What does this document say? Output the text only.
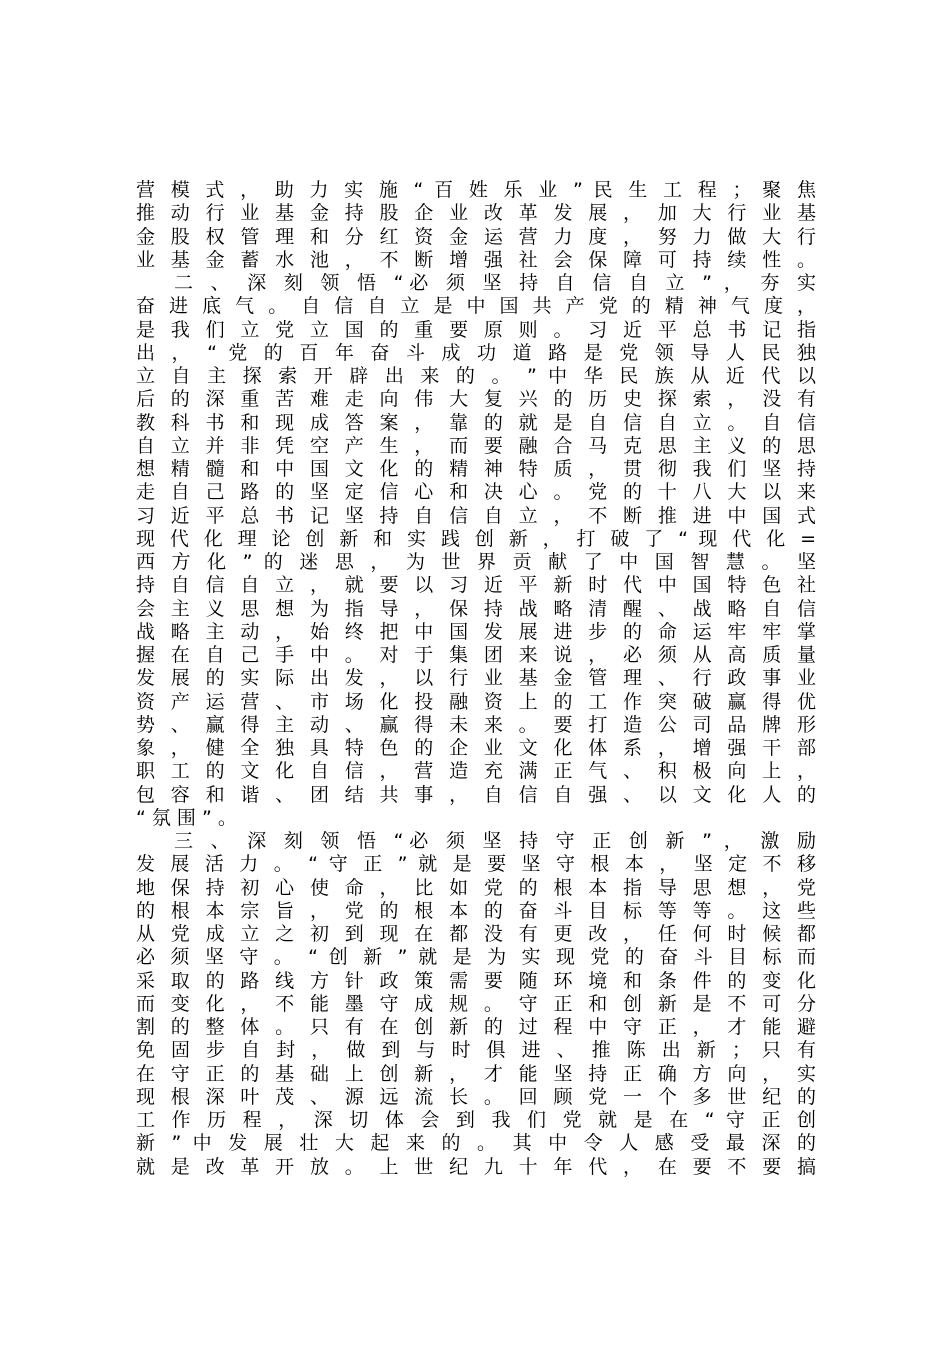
营 模 式 ， 助 力 实 施 “ 百 姓 乐 业 ” 民 生 工 程 ； 聚 焦
推 动 行 业 基 金 持 股 企 业 改 革 发 展 ， 加 大 行 业 基
金 股 权 管 理 和 分 红 资 金 运 营 力 度 ， 努 力 做 大 行
业 基 金 蓄 水 池 ， 不 断 增 强 社 会 保 障 可 持 续 性 。
二 、 深 刻 领 悟 “必 须 坚 持 自 信 自 立 ” ， 夯 实
奋 进 底 气 。 自 信 自 立 是 中 国 共 产 党 的 精 神 气 度 ，
是 我 们 立 党 立 国 的 重 要 原 则 。 习 近 平 总 书 记 指
出 ， “ 党 的 百 年 奋 斗 成 功 道 路 是 党 领 导 人 民 独
立 自 主 探 索 开 辟 出 来 的 。 ” 中 华 民 族 从 近 代 以
后 的 深 重 苦 难 走 向 伟 大 复 兴 的 历 史 探 索 ， 没 有
教 科 书 和 现 成 答 案 ， 靠 的 就 是 自 信 自 立 。 自 信
自 立 并 非 凭 空 产 生 ， 而 要 融 合 马 克 思 主 义 的 思
想 精 髓 和 中 国 文 化 的 精 神 特 质 ， 贯 彻 我 们 坚 持
走 自 己 路 的 坚 定 信 心 和 决 心 。 党 的 十 八 大 以 来
习 近 平 总 书 记 坚 持 自 信 自 立 ， 不 断 推 进 中 国 式
现 代 化 理 论 创 新 和 实 践 创 新 ， 打 破 了 “ 现 代 化 =
西 方 化 ” 的 迷 思 ， 为 世 界 贡 献 了 中 国 智 慧 。 坚
持 自 信 自 立 ， 就 要 以 习 近 平 新 时 代 中 国 特 色 社
会 主 义 思 想 为 指 导 ， 保 持 战 略 清 醒 、 战 略 自 信
战 略 主 动 ， 始 终 把 中 国 发 展 进 步 的 命 运 牢 牢 掌
握 在 自 己 手 中 。 对 于 集 团 来 说 ， 必 须 从 高 质 量
发 展 的 实 际 出 发 ， 以 行 业 基 金 管 理 、 行 政 事 业
资 产 运 营 、 市 场 化 投 融 资 上 的 工 作 突 破 赢 得 优
势 、 赢 得 主 动 、 赢 得 未 来 。 要 打 造 公 司 品 牌 形
象 ， 健 全 独 具 特 色 的 企 业 文 化 体 系 ， 增 强 干 部
职 工 的 文 化 自 信 ， 营 造 充 满 正 气 、 积 极 向 上 ，
包 容 和 谐 、 团 结 共 事 ， 自 信 自 强 、 以 文 化 人 的
“ 氛 围 ” 。
三 、 深 刻 领 悟 “必 须 坚 持 守 正 创 新 ” ， 激 励
发 展 活 力 。 “ 守 正 ” 就 是 要 坚 守 根 本 ， 坚 定 不 移
地 保 持 初 心 使 命 ， 比 如 党 的 根 本 指 导 思 想 ， 党
的 根 本 宗 旨 ， 党 的 根 本 的 奋 斗 目 标 等 等 。 这 些
从 党 成 立 之 初 到 现 在 都 没 有 更 改 ， 任 何 时 候 都
必 须 坚 守 。 “ 创 新 ” 就 是 为 实 现 党 的 奋 斗 目 标 而
采 取 的 路 线 方 针 政 策 需 要 随 环 境 和 条 件 的 变 化
而 变 化 ， 不 能 墨 守 成 规 。 守 正 和 创 新 是 不 可 分
割 的 整 体 。 只 有 在 创 新 的 过 程 中 守 正 ， 才 能 避
免 固 步 自 封 ， 做 到 与 时 俱 进 、 推 陈 出 新 ； 只 有
在 守 正 的 基 础 上 创 新 ， 才 能 坚 持 正 确 方 向 ， 实
现 根 深 叶 茂 、 源 远 流 长 。 回 顾 党 一 个 多 世 纪 的
工 作 历 程 ， 深 切 体 会 到 我 们 党 就 是 在 “ 守 正 创
新 ” 中 发 展 壮 大 起 来 的 。 其 中 令 人 感 受 最 深 的
就 是 改 革 开 放 。 上 世 纪 九 十 年 代 ， 在 要 不 要 搞
